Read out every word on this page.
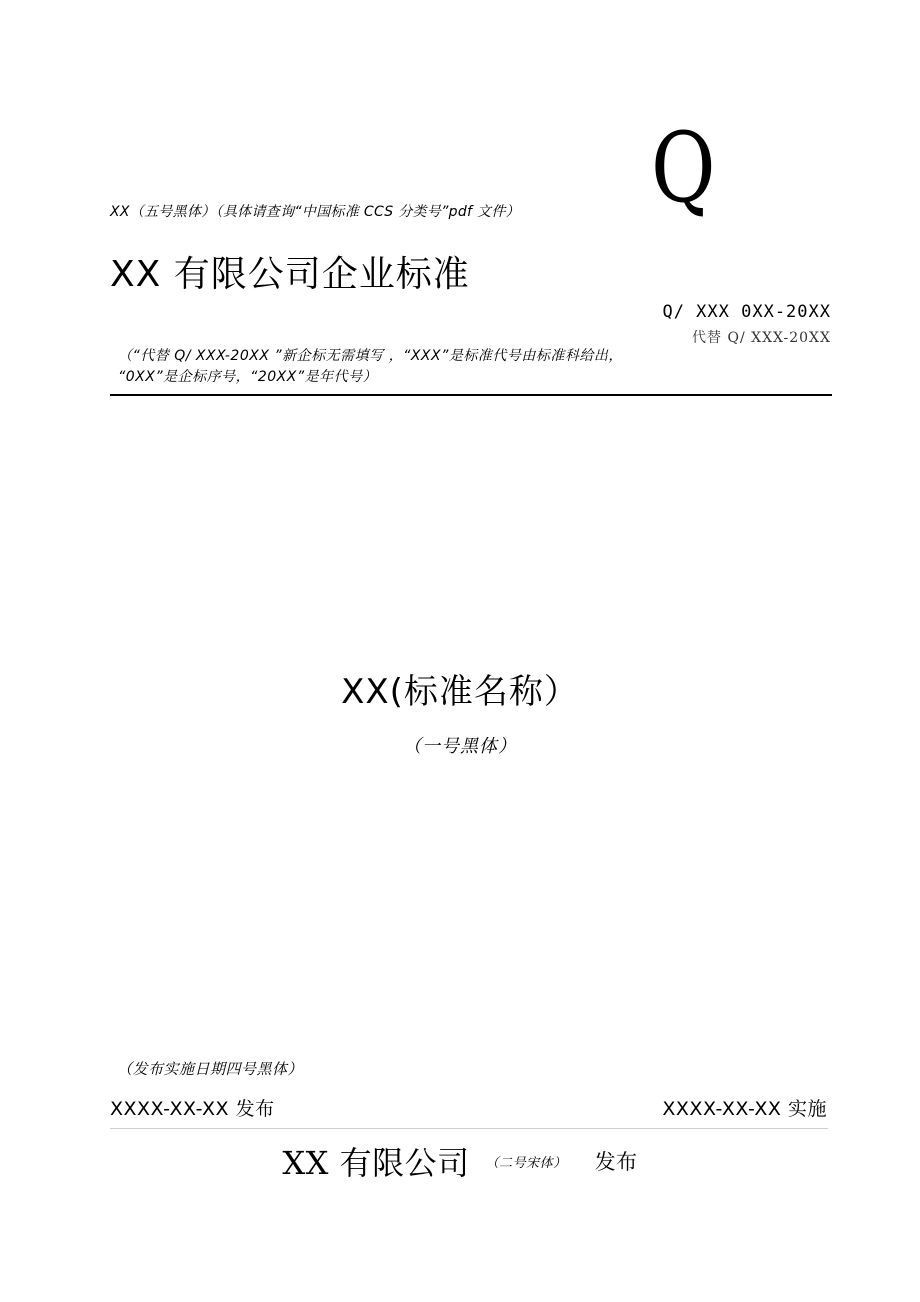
XX（五号黑体）（具体请查询“中国标准 CCS 分类号”pdf 文件） Q
XX 有限公司企业标准
Q/ XXX 0XX-20XX
代替 Q/ XXX-20XX
（“代替 Q/ XXX-20XX ”新企标无需填写 ，“XXX”是标准代号由标准科给出，
“0XX”是企标序号，“20XX”是年代号）
XX(标准名称）
（一号黑体）
（发布实施日期四号黑体）
XXXX-XX-XX 发布	XXXX-XX-XX 实施
XX 有限公司 （二号宋体） 发布
